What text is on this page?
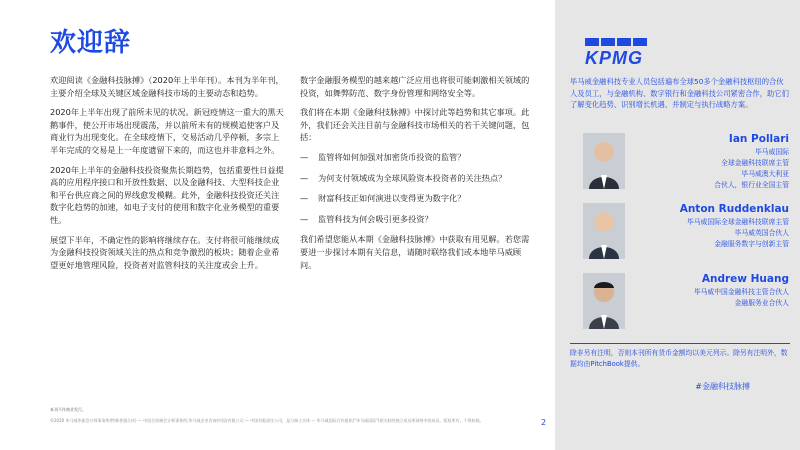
欢迎辞

欢迎阅读《金融科技脉搏》（2020年上半年刊）。本刊为半年刊，主要介绍全球及关键区域金融科技市场的主要动态和趋势。

2020年上半年出现了前所未见的状况。新冠疫情这一重大的黑天鹅事件，使公开市场出现震荡，并以前所未有的规模追使客户及商业行为出现变化。在全球疫情下，交易活动几乎停顿，多宗上半年完成的交易是上一年度遗留下来的，而这也并非意料之外。

2020年上半年的金融科技投资聚焦长期趋势，包括重要性日益提高的应用程序接口和开放性数据、以及金融科技、大型科技企业和平台供应商之间的界线愈发模糊。此外，金融科技投资还关注数字化趋势的加速，如电子支付的使用和数字化业务模型的重要性。

展望下半年，不确定性的影响将继续存在。支付将很可能继续成为金融科技投资领域关注的热点和竞争激烈的板块；随着企业希望更好地管理风险，投资者对监管科技的关注度或会上升。

数字金融服务模型的越来越广泛应用也将很可能刺激相关领域的投资，如舞弊防范、数字身份管理和网络安全等。

我们将在本期《金融科技脉搏》中探讨此等趋势和其它事项。此外，我们还会关注目前与金融科技市场相关的若干关键问题，包括：

— 监管将如何加强对加密货币投资的监管？
— 为何支付领域成为全球风险资本投资者的关注热点？
— 财富科技正如何演进以变得更为数字化？
— 监管科技为何会吸引更多投资？

我们希望您能从本期《金融科技脉搏》中获取有用见解。若您需要进一步探讨本期有关信息，请随时联络我们或本地毕马威顾问。

本刊不作商业发行。
©2020 毕马威华振会计师事务所(特殊普通合伙) — 中国合伙制会计师事务所;毕马威企业咨询(中国)有限公司 — 中国有限责任公司，是与瑞士实体 — 毕马威国际合作组织("毕马威国际")相关联的独立成员所网络中的成员。版权所有，不得转载。	2
KPMG
毕马威金融科技专业人员包括遍布全球50多个金融科技枢纽的合伙人及员工，与金融机构、数字银行和金融科技公司紧密合作，助它们了解变化趋势、识别增长机遇、并制定与执行战略方案。
Ian Pollari
毕马威国际
全球金融科技联席主管
毕马威澳大利亚
合伙人，银行业全国主管
Anton Ruddenklau
毕马威国际全球金融科技联席主管
毕马威英国合伙人
金融服务数字与创新主管
Andrew Huang
毕马威中国金融科技主管合伙人
金融服务业合伙人
除非另有注明，否则本刊所有货币金额均以美元列示。除另有注明外，数据均由PitchBook提供。
#金融科技脉搏
